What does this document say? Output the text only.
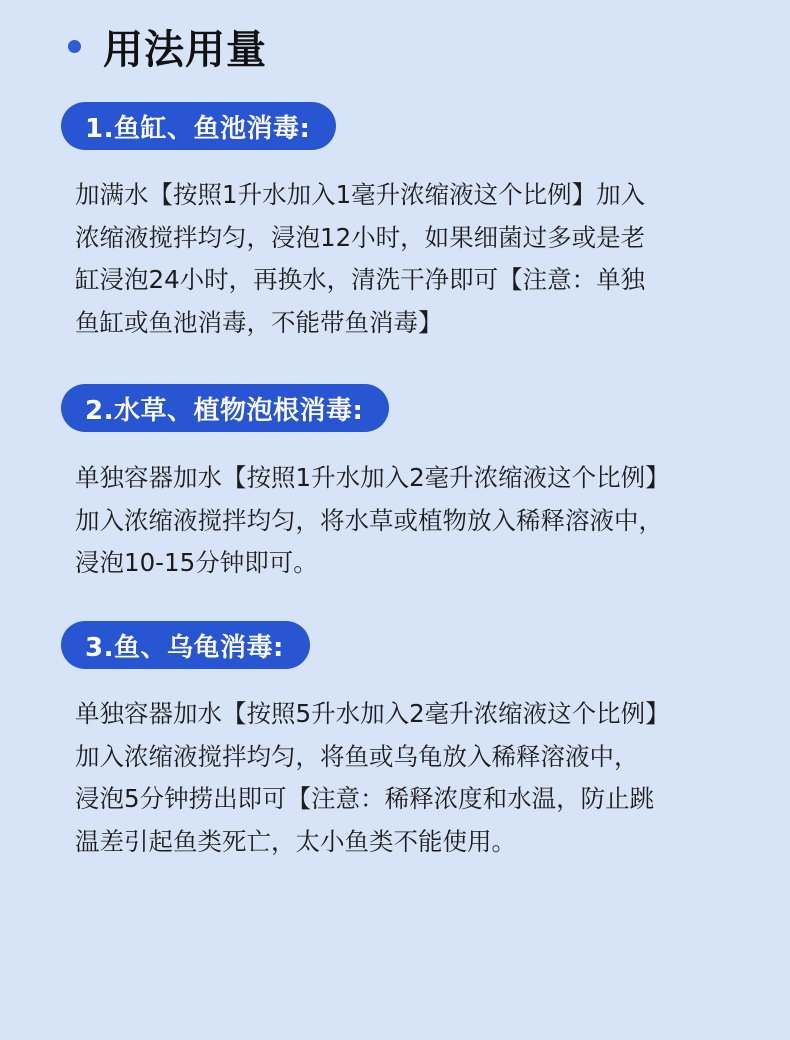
用法用量
1.鱼缸、鱼池消毒:
加满水【按照1升水加入1毫升浓缩液这个比例】加入
浓缩液搅拌均匀，浸泡12小时，如果细菌过多或是老
缸浸泡24小时，再换水，清洗干净即可【注意：单独
鱼缸或鱼池消毒，不能带鱼消毒】
2.水草、植物泡根消毒:
单独容器加水【按照1升水加入2毫升浓缩液这个比例】
加入浓缩液搅拌均匀，将水草或植物放入稀释溶液中，
浸泡10-15分钟即可。
3.鱼、乌龟消毒:
单独容器加水【按照5升水加入2毫升浓缩液这个比例】
加入浓缩液搅拌均匀，将鱼或乌龟放入稀释溶液中，
浸泡5分钟捞出即可【注意：稀释浓度和水温，防止跳
温差引起鱼类死亡，太小鱼类不能使用。
